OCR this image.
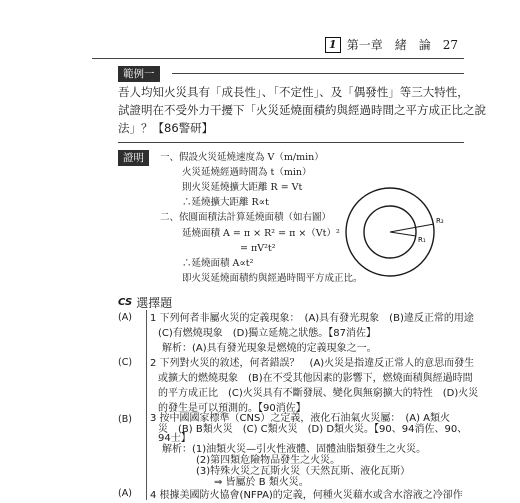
1 第一章　緒　論 27
範例一
吾人均知火災具有「成長性」、「不定性」、及「偶發性」等三大特性，
試證明在不受外力干擾下「火災延燒面積約與經過時間之平方成正比之說
法」？【86警研】
證明	一、假設火災延燒速度為 V（m/min）
火災延燒經過時間為 t（min）
則火災延燒擴大距離 R = Vt
∴延燒擴大距離 R∝t
二、依圓面積法計算延燒面積（如右圖）
延燒面積 A = π × R² = π ×（Vt）²
= πV²t²
∴延燒面積 A∝t²
即火災延燒面積約與經過時間平方成正比。
R₂
R₁
CS 選擇題
(A) 1 下列何者非屬火災的定義現象：　(A)具有發光現象　(B)違反正常的用途
(C)有燃燒現象　(D)獨立延燒之狀態。【87消佐】
解析：(A)具有發光現象是燃燒的定義現象之一。
(C) 2 下列對火災的敘述，何者錯誤？　(A)火災是指違反正常人的意思而發生
或擴大的燃燒現象　(B)在不受其他因素的影響下，燃燒面積與經過時間
的平方成正比　(C)火災具有不斷發展、變化與無窮擴大的特性　(D)火災
的發生是可以預測的。【90消佐】
(B) 3 按中國國家標準（CNS）之定義，液化石油氣火災屬：　(A) A類火
災　(B) B類火災　(C) C類火災　(D) D類火災。【90、94消佐、90、
94士】
解析：(1)油類火災—引火性液體、固體油脂類發生之火災。
(2)第四類危險物品發生之火災。
(3)特殊火災之瓦斯火災（天然瓦斯、液化瓦斯）
⇒ 皆屬於 B 類火災。
(A) 4 根據美國防火協會(NFPA)的定義，何種火災藉水或含水溶液之冷卻作
